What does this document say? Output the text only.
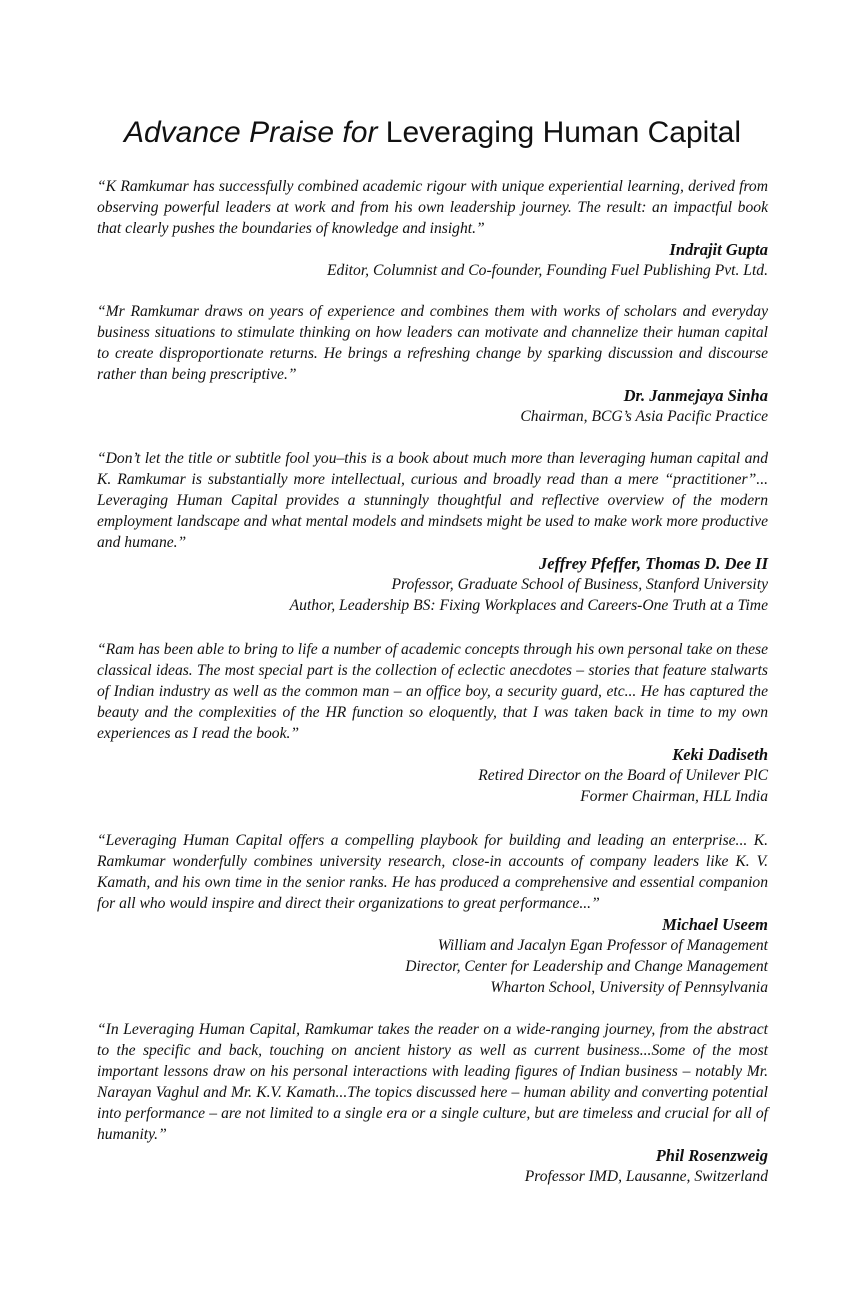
Advance Praise for Leveraging Human Capital

“K Ramkumar has successfully combined academic rigour with unique experiential learning, derived from observing powerful leaders at work and from his own leadership journey. The result: an impactful book that clearly pushes the boundaries of knowledge and insight.”

Indrajit Gupta

Editor, Columnist and Co-founder, Founding Fuel Publishing Pvt. Ltd.

“Mr Ramkumar draws on years of experience and combines them with works of scholars and everyday business situations to stimulate thinking on how leaders can motivate and channelize their human capital to create disproportionate returns. He brings a refreshing change by sparking discussion and discourse rather than being prescriptive.”

Dr. Janmejaya Sinha

Chairman, BCG’s Asia Pacific Practice

“Don’t let the title or subtitle fool you–this is a book about much more than leveraging human capital and K. Ramkumar is substantially more intellectual, curious and broadly read than a mere “practitioner”... Leveraging Human Capital provides a stunningly thoughtful and reflective overview of the modern employment landscape and what mental models and mindsets might be used to make work more productive and humane.”

Jeffrey Pfeffer, Thomas D. Dee II

Professor, Graduate School of Business, Stanford University

Author, Leadership BS: Fixing Workplaces and Careers-One Truth at a Time

“Ram has been able to bring to life a number of academic concepts through his own personal take on these classical ideas. The most special part is the collection of eclectic anecdotes – stories that feature stalwarts of Indian industry as well as the common man – an office boy, a security guard, etc... He has captured the beauty and the complexities of the HR function so eloquently, that I was taken back in time to my own experiences as I read the book.”

Keki Dadiseth

Retired Director on the Board of Unilever PlC

Former Chairman, HLL India

“Leveraging Human Capital offers a compelling playbook for building and leading an enterprise... K. Ramkumar wonderfully combines university research, close-in accounts of company leaders like K. V. Kamath, and his own time in the senior ranks. He has produced a comprehensive and essential companion for all who would inspire and direct their organizations to great performance...”

Michael Useem

William and Jacalyn Egan Professor of Management

Director, Center for Leadership and Change Management

Wharton School, University of Pennsylvania

“In Leveraging Human Capital, Ramkumar takes the reader on a wide-ranging journey, from the abstract to the specific and back, touching on ancient history as well as current business...Some of the most important lessons draw on his personal interactions with leading figures of Indian business – notably Mr. Narayan Vaghul and Mr. K.V. Kamath...The topics discussed here – human ability and converting potential into performance – are not limited to a single era or a single culture, but are timeless and crucial for all of humanity.”

Phil Rosenzweig

Professor IMD, Lausanne, Switzerland
